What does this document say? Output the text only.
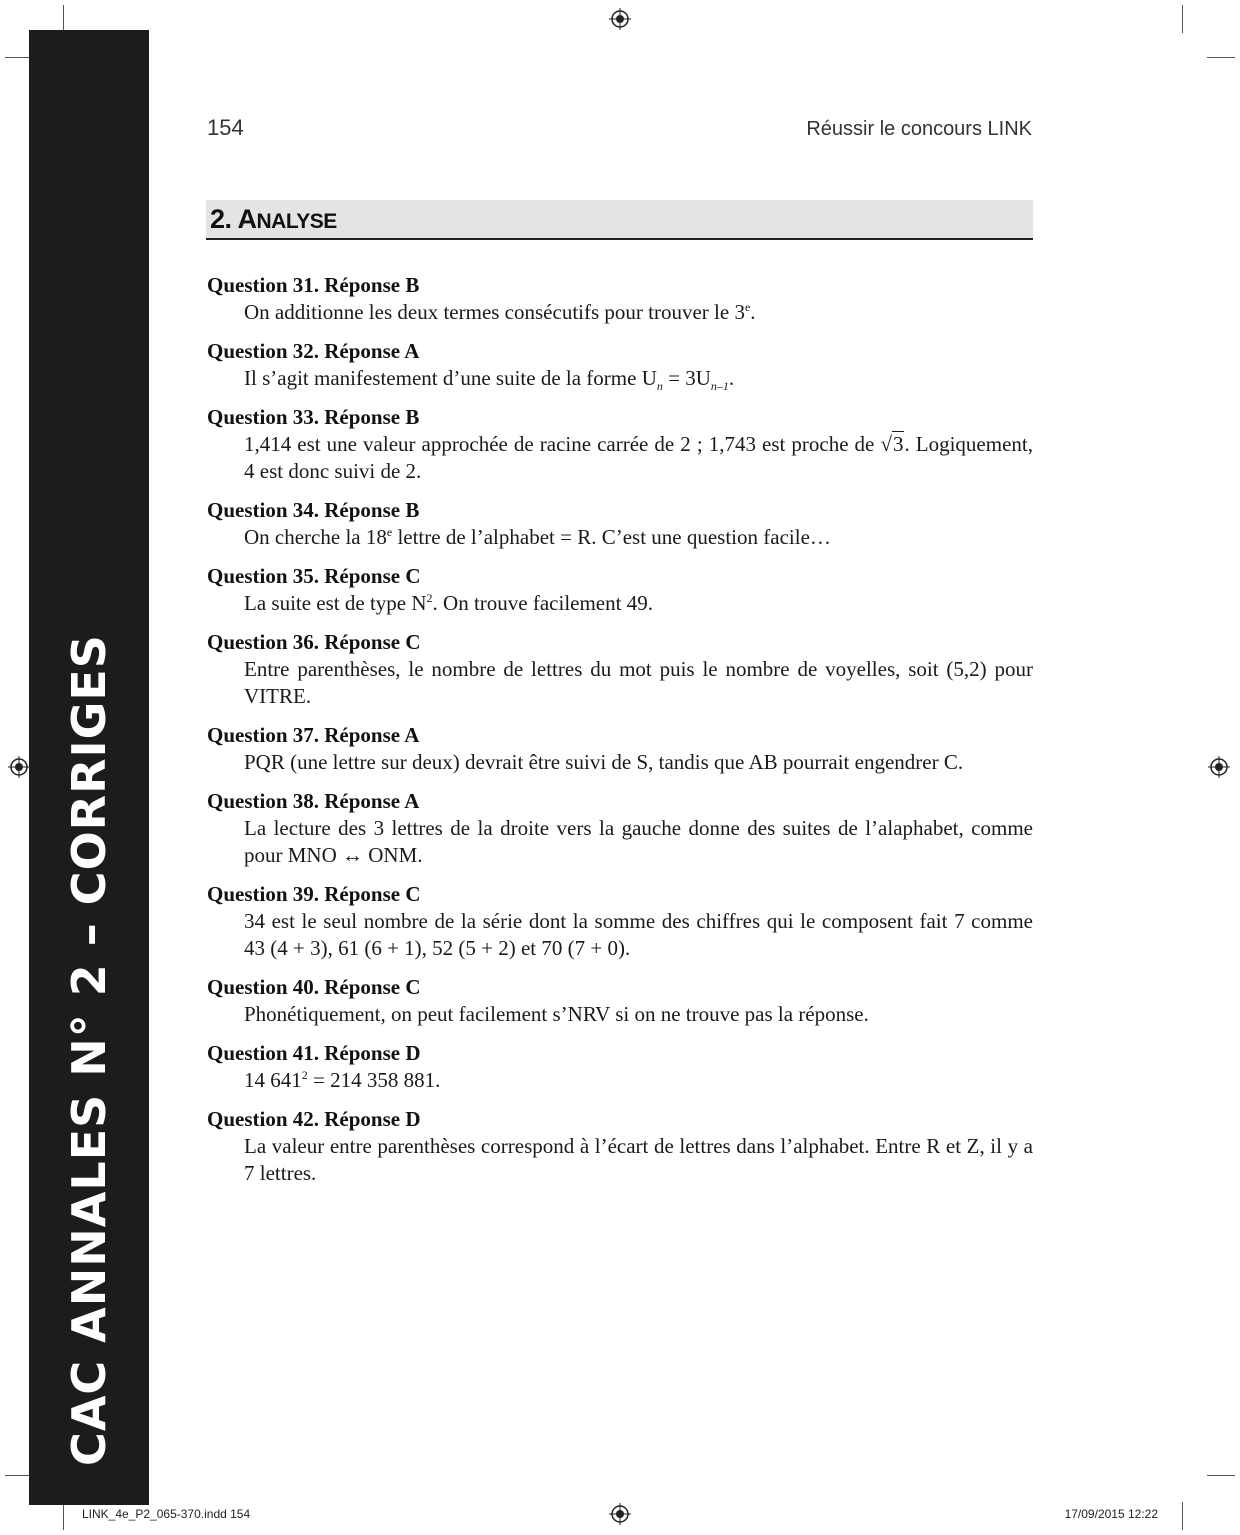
CAC ANNALES N° 2 – CORRIGES
154	Réussir le concours LINK
2. ANALYSE
Question 31. Réponse B
On additionne les deux termes consécutifs pour trouver le 3e.
Question 32. Réponse A
Il s’agit manifestement d’une suite de la forme $U_n = 3U_{n-1}$.
Question 33. Réponse B
1,414 est une valeur approchée de racine carrée de 2 ; 1,743 est proche de √3. Logiquement, 4 est donc suivi de 2.
Question 34. Réponse B
On cherche la 18e lettre de l’alphabet = R. C’est une question facile…
Question 35. Réponse C
La suite est de type $N^2$. On trouve facilement 49.
Question 36. Réponse C
Entre parenthèses, le nombre de lettres du mot puis le nombre de voyelles, soit (5,2) pour VITRE.
Question 37. Réponse A
PQR (une lettre sur deux) devrait être suivi de S, tandis que AB pourrait engendrer C.
Question 38. Réponse A
La lecture des 3 lettres de la droite vers la gauche donne des suites de l’alaphabet, comme pour MNO ↔ ONM.
Question 39. Réponse C
34 est le seul nombre de la série dont la somme des chiffres qui le composent fait 7 comme 43 (4 + 3), 61 (6 + 1), 52 (5 + 2) et 70 (7 + 0).
Question 40. Réponse C
Phonétiquement, on peut facilement s’NRV si on ne trouve pas la réponse.
Question 41. Réponse D
14 $641^2 = 214$ 358 881.
Question 42. Réponse D
La valeur entre parenthèses correspond à l’écart de lettres dans l’alphabet. Entre R et Z, il y a 7 lettres.
LINK_4e_P2_065-370.indd 154	17/09/2015 12:22
